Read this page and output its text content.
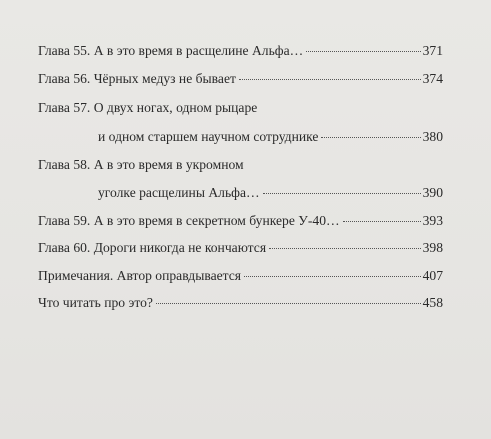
Глава 55. А в это время в расщелине Альфа…	371
Глава 56. Чёрных медуз не бывает	374
Глава 57. О двух ногах, одном рыцаре
и одном старшем научном сотруднике	380
Глава 58. А в это время в укромном
уголке расщелины Альфа…	390
Глава 59. А в это время в секретном бункере У-40…	393
Глава 60. Дороги никогда не кончаются	398
Примечания. Автор оправдывается	407
Что читать про это?	458
